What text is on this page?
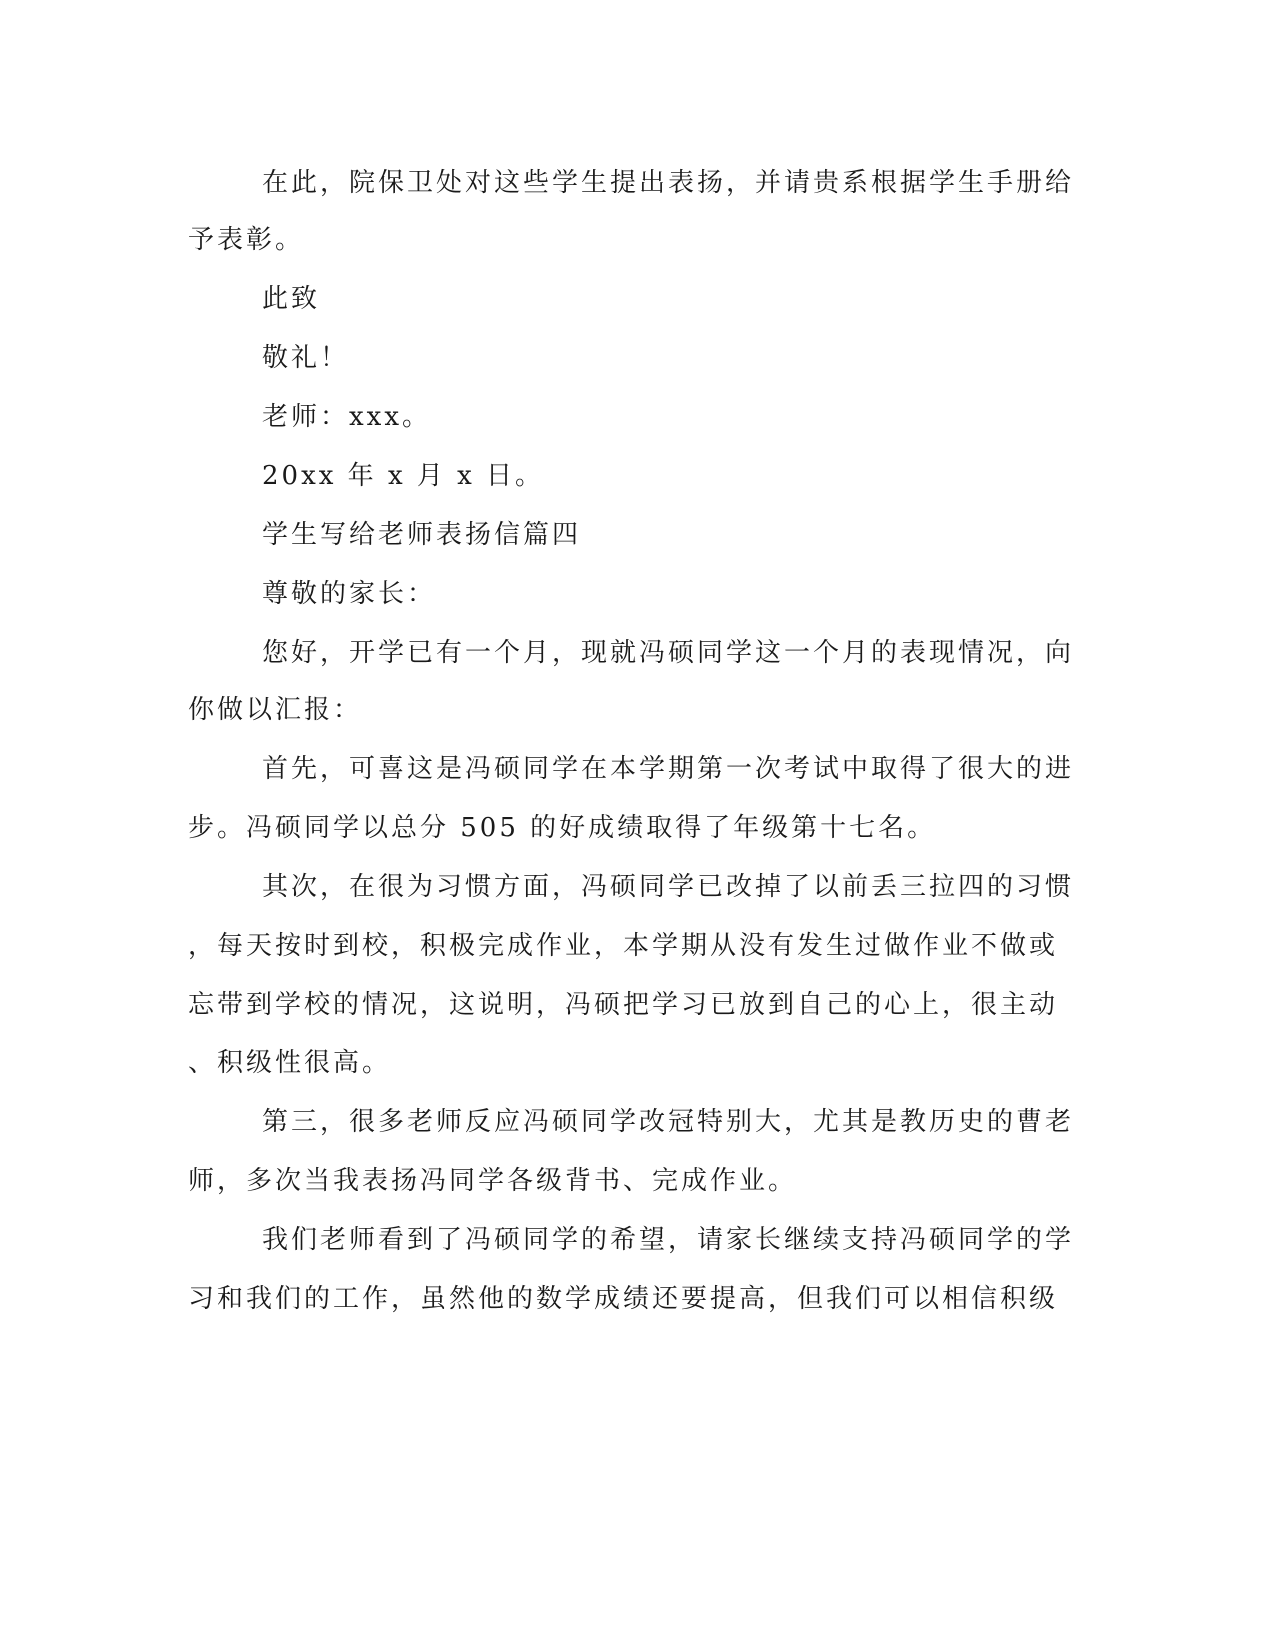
在此，院保卫处对这些学生提出表扬，并请贵系根据学生手册给
予表彰。
此致
敬礼！
老师：xxx。
20xx 年 x 月 x 日。
学生写给老师表扬信篇四
尊敬的家长：
您好，开学已有一个月，现就冯硕同学这一个月的表现情况，向
你做以汇报：
首先，可喜这是冯硕同学在本学期第一次考试中取得了很大的进
步。冯硕同学以总分 505 的好成绩取得了年级第十七名。
其次，在很为习惯方面，冯硕同学已改掉了以前丢三拉四的习惯
，每天按时到校，积极完成作业，本学期从没有发生过做作业不做或
忘带到学校的情况，这说明，冯硕把学习已放到自己的心上，很主动
、积级性很高。
第三，很多老师反应冯硕同学改冠特别大，尤其是教历史的曹老
师，多次当我表扬冯同学各级背书、完成作业。
我们老师看到了冯硕同学的希望，请家长继续支持冯硕同学的学
习和我们的工作，虽然他的数学成绩还要提高，但我们可以相信积级
